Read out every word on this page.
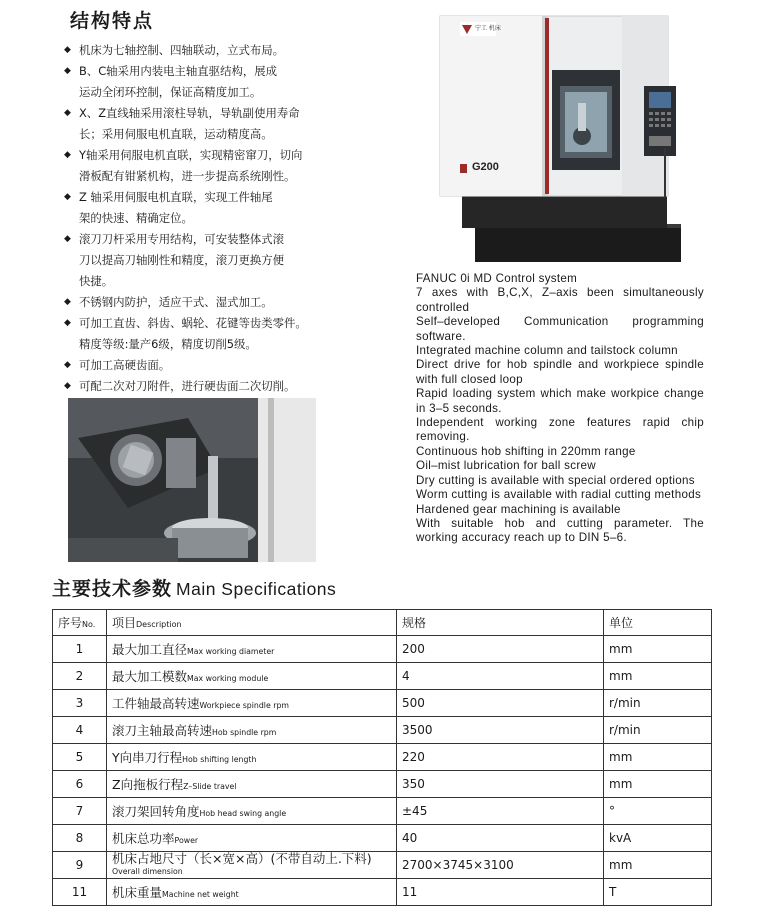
结构特点
◆ 机床为七轴控制、四轴联动，立式布局。
◆ B、C轴采用内装电主轴直驱结构，展成
运动全闭环控制，保证高精度加工。
◆ X、Z直线轴采用滚柱导轨，导轨副使用寿命
长；采用伺服电机直联，运动精度高。
◆ Y轴采用伺服电机直联，实现精密窜刀，切向
滑板配有钳紧机构，进一步提高系统刚性。
◆ Z 轴采用伺服电机直联，实现工件轴尾
架的快速、精确定位。
◆ 滚刀刀杆采用专用结构，可安装整体式滚
刀以提高刀轴刚性和精度，滚刀更换方便
快捷。
◆ 不锈钢内防护，适应干式、湿式加工。
◆ 可加工直齿、斜齿、蜗轮、花键等齿类零件。
精度等级:量产6级，精度切削5级。
◆ 可加工高硬齿面。
◆ 可配二次对刀附件，进行硬齿面二次切削。
宁工 机床
G200
FANUC 0i MD Control system
7 axes with B,C,X, Z–axis been simultaneously controlled
Self–developed Communication programming software.
Integrated machine column and tailstock column
Direct drive for hob spindle and workpiece spindle with full closed loop
Rapid loading system which make workpice change in 3–5 seconds.
Independent working zone features rapid chip removing.
Continuous hob shifting in 220mm range
Oil–mist lubrication for ball screw
Dry cutting is available with special ordered options
Worm cutting is available with radial cutting methods
Hardened gear machining is available
With suitable hob and cutting parameter. The working accuracy reach up to DIN 5–6.
主要技术参数 Main Specifications
序号No.	项目Description	规格	单位
1	最大加工直径Max working diameter	200	mm
2	最大加工模数Max working module	4	mm
3	工件轴最高转速Workpiece spindle rpm	500	r/min
4	滚刀主轴最高转速Hob spindle rpm	3500	r/min
5	Y向串刀行程Hob shifting length	220	mm
6	Z向拖板行程Z–Slide travel	350	mm
7	滚刀架回转角度Hob head swing angle	±45	°
8	机床总功率Power	40	kvA
9	机床占地尺寸（长×宽×高）(不带自动上.下料)
Overall dimension	2700×3745×3100	mm
11	机床重量Machine net weight	11	T
